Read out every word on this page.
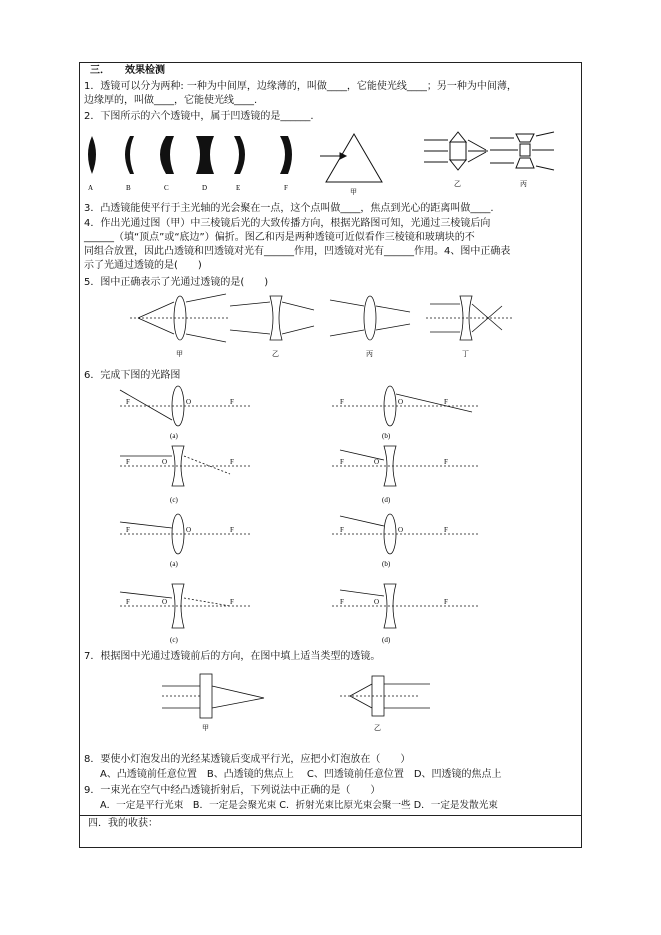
三．　　效果检测
1．透镜可以分为两种: 一种为中间厚，边缘薄的，叫做____，它能使光线____；另一种为中间薄，
边缘厚的，叫做____，它能使光线____.
2．下图所示的六个透镜中，属于凹透镜的是______.
A	B	C	D	E	F	甲
乙	丙
3．凸透镜能使平行于主光轴的光会聚在一点，这个点叫做____，焦点到光心的距离叫做____.
4．作出光通过图（甲）中三棱镜后光的大致传播方向，根据光路图可知，光通过三棱镜后向
______（填“顶点”或“底边”）偏折。图乙和丙是两种透镜可近似看作三棱镜和玻璃块的不
同组合放置，因此凸透镜和凹透镜对光有______作用，凹透镜对光有______作用。4、图中正确表
示了光通过透镜的是(　　)
5．图中正确表示了光通过透镜的是(　　)
甲	乙	丙	丁
6．完成下图的光路图
F	O	F	F	O	F
F	O	F	F	O	F
F	O	F	F	O	F
F	O	F	F	O	F
(a)	(b)
(c)	(d)
(a)	(b)
(c)	(d)
7．根据图中光通过透镜前后的方向，在图中填上适当类型的透镜。
甲	乙
8．要使小灯泡发出的光经某透镜后变成平行光，应把小灯泡放在（　　）
A、凸透镜前任意位置　B、凸透镜的焦点上　 C、凹透镜前任意位置　D、凹透镜的焦点上
9．一束光在空气中经凸透镜折射后，下列说法中正确的是（　　）
A．一定是平行光束　B．一定是会聚光束 C．折射光束比原光束会聚一些 D．一定是发散光束
四．我的收获：
